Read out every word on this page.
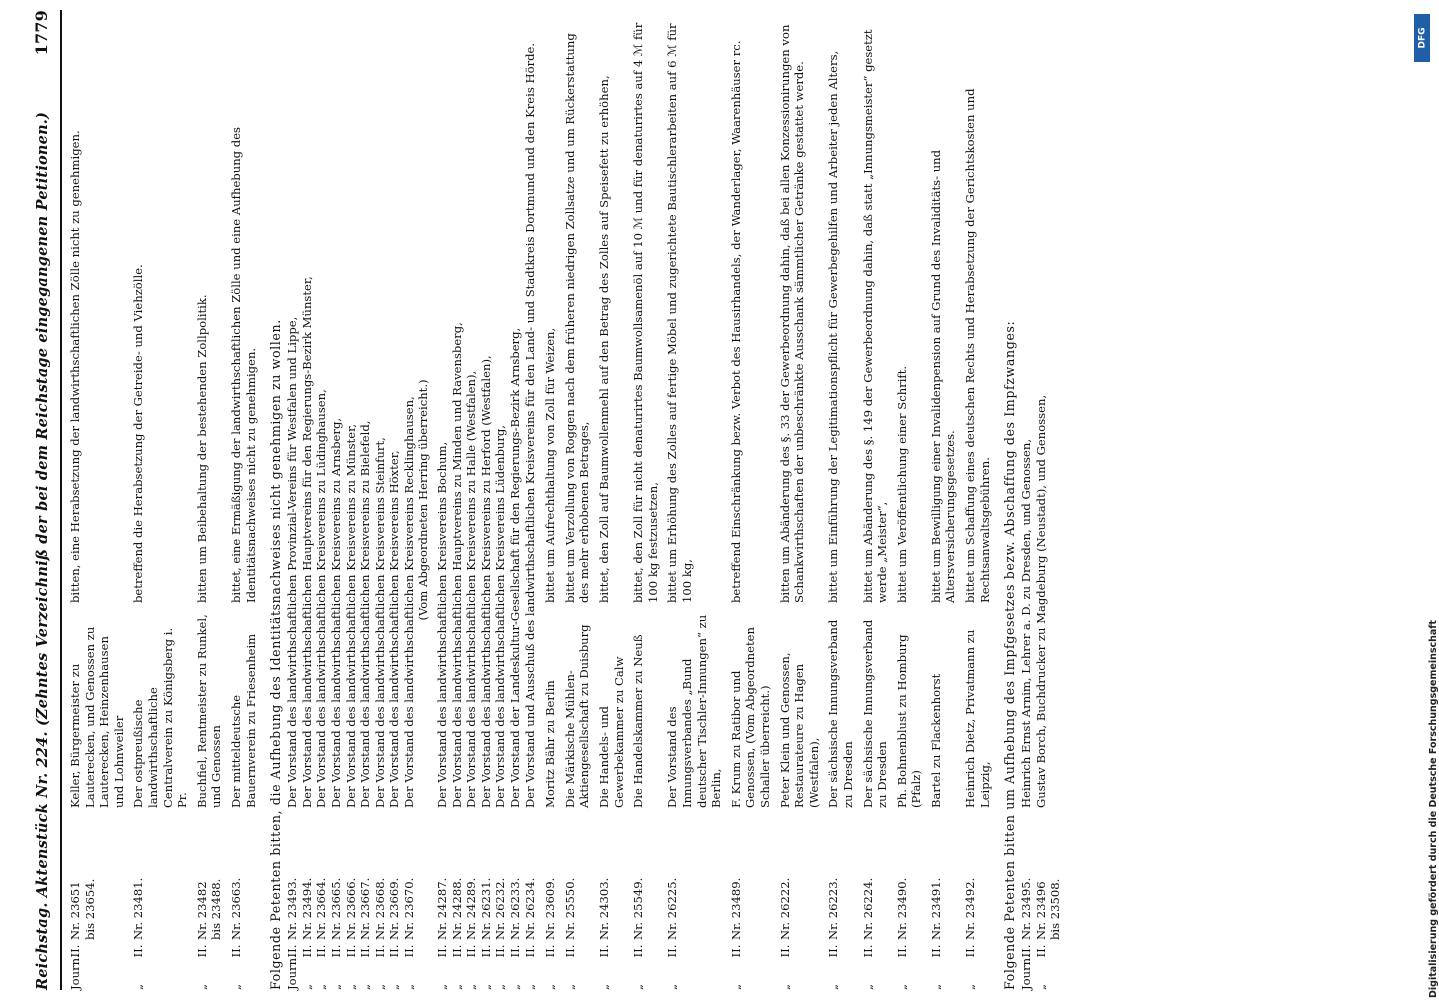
Reichstag. Aktenstück Nr. 224. (Zehntes Verzeichniß der bei dem Reichstage eingegangenen Petitionen.)
1779
Journ.
II.
Nr. 23651
bis 23654.
Keller, Bürgermeister zu Lauterecken, und Genossen zu Lauterecken, Heinzenhausen und Lohnweiler
bitten, eine Herabsetzung der landwirthschaftlichen Zölle nicht zu genehmigen.
„
II.
Nr. 23481.
Der ostpreußische landwirthschaftliche Centralverein zu Königsberg i. Pr.
betreffend die Herabsetzung der Getreide- und Viehzölle.
„
II.
Nr. 23482
bis 23488.
Buchfiel, Rentmeister zu Runkel, und Genossen
bitten um Beibehaltung der bestehenden Zollpolitik.
„
II.
Nr. 23663.
Der mitteldeutsche Bauernverein zu Friesenheim
bittet, eine Ermäßigung der landwirthschaftlichen Zölle und eine Aufhebung des Identitätsnachweises nicht zu genehmigen. Folgende Petenten bitten, die Aufhebung des Identitätsnachweises nicht genehmigen zu wollen. Journ.
II.
Nr. 23493.
Der Vorstand des landwirthschaftlichen Provinzial-Vereins für Westfalen und Lippe,
„
II.
Nr. 23494.
Der Vorstand des landwirthschaftlichen Hauptvereins für den Regierungs-Bezirk Münster,
„
II.
Nr. 23664.
Der Vorstand des landwirthschaftlichen Kreisvereins zu Lüdinghausen,
„
II.
Nr. 23665.
Der Vorstand des landwirthschaftlichen Kreisvereins zu Arnsberg,
„
II.
Nr. 23666.
Der Vorstand des landwirthschaftlichen Kreisvereins zu Münster,
„
II.
Nr. 23667.
Der Vorstand des landwirthschaftlichen Kreisvereins zu Bielefeld,
„
II.
Nr. 23668.
Der Vorstand des landwirthschaftlichen Kreisvereins Steinfurt,
„
II.
Nr. 23669.
Der Vorstand des landwirthschaftlichen Kreisvereins Höxter,
„
II.
Nr. 23670.
Der Vorstand des landwirthschaftlichen Kreisvereins Recklinghausen, (Vom Abgeordneten Herring überreicht.)
„
II.
Nr. 24287.
Der Vorstand des landwirthschaftlichen Kreisvereins Bochum,
„
II.
Nr. 24288.
Der Vorstand des landwirthschaftlichen Hauptvereins zu Minden und Ravensberg,
„
II.
Nr. 24289.
Der Vorstand des landwirthschaftlichen Kreisvereins zu Halle (Westfalen),
„
II.
Nr. 26231.
Der Vorstand des landwirthschaftlichen Kreisvereins zu Herford (Westfalen),
„
II.
Nr. 26232.
Der Vorstand des landwirthschaftlichen Kreisvereins Lüdenburg,
„
II.
Nr. 26233.
Der Vorstand der Landeskultur-Gesellschaft für den Regierungs-Bezirk Arnsberg,
„
II.
Nr. 26234.
Der Vorstand und Ausschuß des landwirthschaftlichen Kreisvereins für den Land- und Stadtkreis Dortmund und den Kreis Hörde.
„
II.
Nr. 23609.
Moritz Bähr zu Berlin
bittet um Aufrechthaltung von Zoll für Weizen,
„
II.
Nr. 25550.
Die Märkische Mühlen-Aktiengesellschaft zu Duisburg
bittet um Verzollung von Roggen nach dem früheren niedrigen Zollsatze und um Rückerstattung des mehr erhobenen Betrages,
„
II.
Nr. 24303.
Die Handels- und Gewerbekammer zu Calw
bittet, den Zoll auf Baumwollenmehl auf den Betrag des Zolles auf Speisefett zu erhöhen,
„
II.
Nr. 25549.
Die Handelskammer zu Neuß
bittet, den Zoll für nicht denaturirtes Baumwollsamenöl auf 10 ℳ und für denaturirtes auf 4 ℳ für 100 kg festzusetzen,
„
II.
Nr. 26225.
Der Vorstand des Innungsverbandes „Bund deutscher Tischler-Innungen“ zu Berlin,
bittet um Erhöhung des Zolles auf fertige Möbel und zugerichtete Bautischlerarbeiten auf 6 ℳ für 100 kg,
„
II.
Nr. 23489.
F. Krum zu Ratibor und Genossen, (Vom Abgeordneten Schaller überreicht.)
betreffend Einschränkung bezw. Verbot des Hausirhandels, der Wanderlager, Waarenhäuser rc.
„
II.
Nr. 26222.
Peter Klein und Genossen, Restaurateure zu Hagen (Westfalen),
bitten um Abänderung des §. 33 der Gewerbeordnung dahin, daß bei allen Konzessionirungen von Schankwirthschaften der unbeschränkte Ausschank sämmtlicher Getränke gestattet werde.
„
II.
Nr. 26223.
Der sächsische Innungsverband zu Dresden
bittet um Einführung der Legitimationspflicht für Gewerbegehilfen und Arbeiter jeden Alters,
„
II.
Nr. 26224.
Der sächsische Innungsverband zu Dresden
bittet um Abänderung des §. 149 der Gewerbeordnung dahin, daß statt „Innungsmeister“ gesetzt werde „Meister“,
„
II.
Nr. 23490.
Ph. Bohnenblust zu Homburg (Pfalz)
bittet um Veröffentlichung einer Schrift.
„
II.
Nr. 23491.
Bartel zu Flackenhorst
bittet um Bewilligung einer Invalidenpension auf Grund des Invaliditäts- und Altersversicherungsgesetzes.
„
II.
Nr. 23492.
Heinrich Dietz, Privatmann zu Leipzig,
bittet um Schaffung eines deutschen Rechts und Herabsetzung der Gerichtskosten und Rechtsanwaltsgebühren. Folgende Petenten bitten um Aufhebung des Impfgesetzes bezw. Abschaffung des Impfzwanges: Journ.
II.
Nr. 23495.
Heinrich Ernst Arnim, Lehrer a. D. zu Dresden, und Genossen,
„
II.
Nr. 23496
bis 23508.
Gustav Borch, Buchdrucker zu Magdeburg (Neustadt), und Genossen,
DFG
Digitalisierung gefördert durch die Deutsche Forschungsgemeinschaft
